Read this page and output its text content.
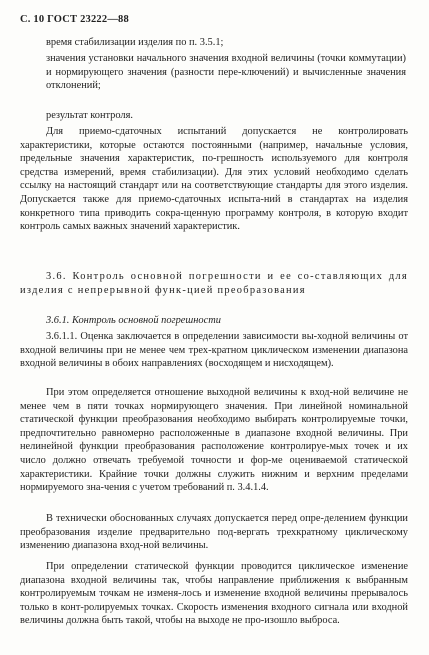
С. 10 ГОСТ 23222—88

время стабилизации изделия по п. 3.5.1;

значения установки начального значения входной величины (точки коммутации) и нормирующего значения (разности пере-ключений) и вычисленные значения отклонений;

результат контроля.

Для приемо-сдаточных испытаний допускается не контролировать характеристики, которые остаются постоянными (например, начальные условия, предельные значения характеристик, по-грешность используемого для контроля средства измерений, время стабилизации). Для этих условий необходимо сделать ссылку на настоящий стандарт или на соответствующие стандарты для этого изделия. Допускается также для приемо-сдаточных испыта-ний в стандартах на изделия конкретного типа приводить сокра-щенную программу контроля, в которую входит контроль самых важных значений характеристик.

3.6. Контроль основной погрешности и ее со-ставляющих для изделия с непрерывной функ-цией преобразования

3.6.1. Контроль основной погрешности

3.6.1.1. Оценка заключается в определении зависимости вы-ходной величины от входной величины при не менее чем трех-кратном циклическом изменении диапазона входной величины в обоих направлениях (восходящем и нисходящем).

При этом определяется отношение выходной величины к вход-ной величине не менее чем в пяти точках нормирующего значения. При линейной номинальной статической функции преобразования необходимо выбирать контролируемые точки, предпочтительно равномерно расположенные в диапазоне входной величины. При нелинейной функции преобразования расположение контролируе-мых точек и их число должно отвечать требуемой точности и фор-ме оцениваемой статической характеристики. Крайние точки должны служить нижним и верхним пределами нормируемого зна-чения с учетом требований п. 3.4.1.4.

В технически обоснованных случаях допускается перед опре-делением функции преобразования изделие предварительно под-вергать трехкратному циклическому изменению диапазона вход-ной величины.

При определении статической функции проводится циклическое изменение диапазона входной величины так, чтобы направление приближения к выбранным контролируемым точкам не изменя-лось и изменение входной величины прерывалось только в конт-ролируемых точках. Скорость изменения входного сигнала или входной величины должна быть такой, чтобы на выходе не про-изошло выброса.
